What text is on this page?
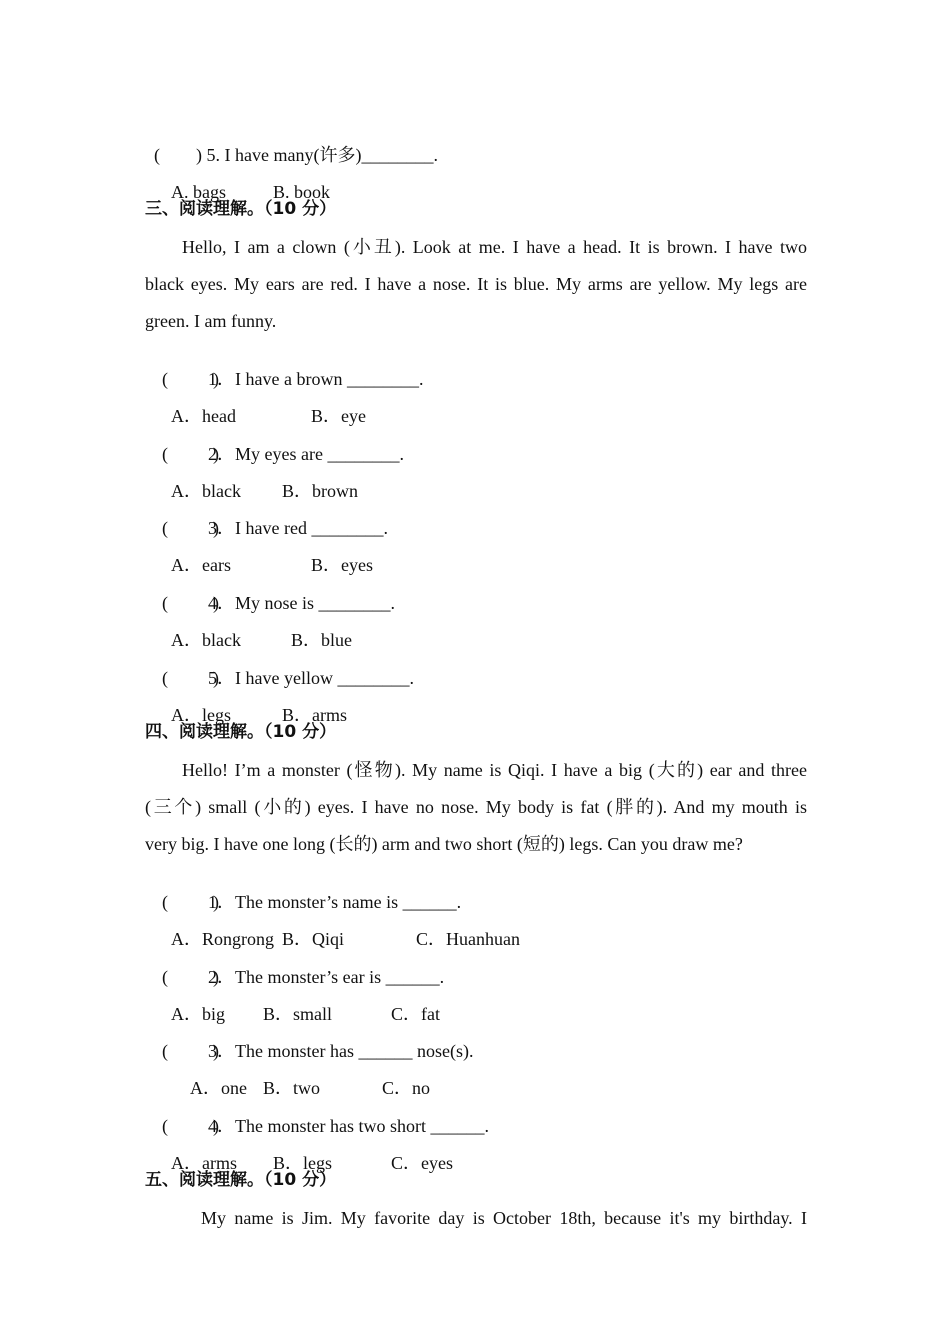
(        ) 5. I have many(许多)________.

A. bags	B. book

三、阅读理解。（10 分）
Hello, I am a clown (小丑). Look at me. I have a head. It is brown. I have two
black eyes. My ears are red. I have a nose. It is blue. My arms are yellow. My legs are
green. I am funny.

(          )
1．I have a brown ________.

A．head	B．eye

(          )
2．My eyes are ________.

A．black B．brown

(          )
3．I have red ________.

A．ears	B．eyes

(          )
4．My nose is ________.

A．black	B．blue

(          )
5．I have yellow ________.

A．legs	B．arms

四、阅读理解。（10 分）
Hello! I’m a monster (怪物). My name is Qiqi. I have a big (大的) ear and three
(三个) small (小的) eyes. I have no nose. My body is fat (胖的). And my mouth is
very big. I have one long (长的) arm and two short (短的) legs. Can you draw me?

(          )
1．The monster’s name is ______.

A．Rongrong B．Qiqi	C．Huanhuan

(          )
2．The monster’s ear is ______.

A．big B．small	C．fat

(          )
3．The monster has ______ nose(s).

A．one B．two	C．no

(          )
4．The monster has two short ______.

A．arms B．legs	C．eyes

五、阅读理解。（10 分）
My name is Jim. My favorite day is October 18th, because it's my birthday. I
